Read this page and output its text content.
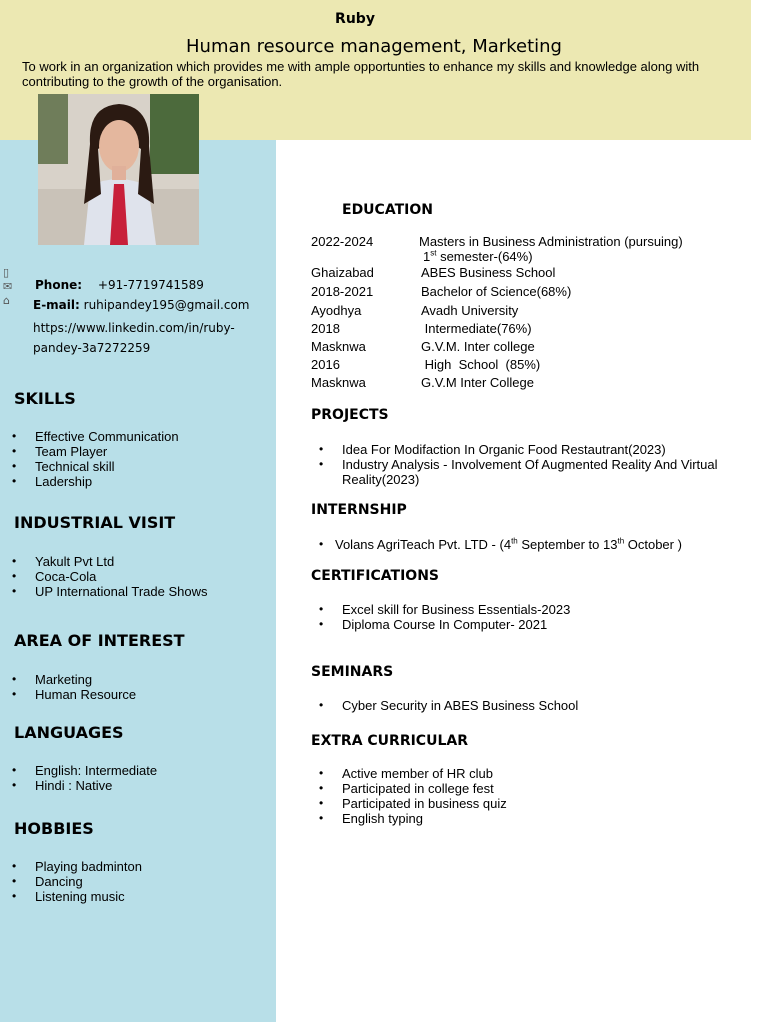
Ruby
Human resource management, Marketing
To work in an organization which provides me with ample opportunties to enhance my skills and knowledge along with contributing to the growth of the organisation.
▯
✉
⌂
Phone: +91-7719741589
E-mail: ruhipandey195@gmail.com
https://www.linkedin.com/in/ruby-
pandey-3a7272259
SKILLS
• Effective Communication
• Team Player
• Technical skill
• Ladership
INDUSTRIAL VISIT
• Yakult Pvt Ltd
• Coca-Cola
• UP International Trade Shows
AREA OF INTEREST
• Marketing
• Human Resource
LANGUAGES
• English: Intermediate
• Hindi : Native
HOBBIES
• Playing badminton
• Dancing
• Listening music
EDUCATION
2022-2024	Masters in Business Administration (pursuing)
1st semester-(64%)
Ghaizabad	ABES Business School
2018-2021	Bachelor of Science(68%)
Ayodhya	Avadh University
2018	Intermediate(76%)
Masknwa	G.V.M. Inter college
2016	High  School  (85%)
Masknwa	G.V.M Inter College
PROJECTS
• Idea For Modifaction In Organic Food Restautrant(2023)
• Industry Analysis - Involvement Of Augmented Reality And Virtual Reality(2023)
INTERNSHIP
• Volans AgriTeach Pvt. LTD - (4th September to 13th October )
CERTIFICATIONS
• Excel skill for Business Essentials-2023
• Diploma Course In Computer- 2021
SEMINARS
• Cyber Security in ABES Business School
EXTRA CURRICULAR
• Active member of HR club
• Participated in college fest
• Participated in business quiz
• English typing
